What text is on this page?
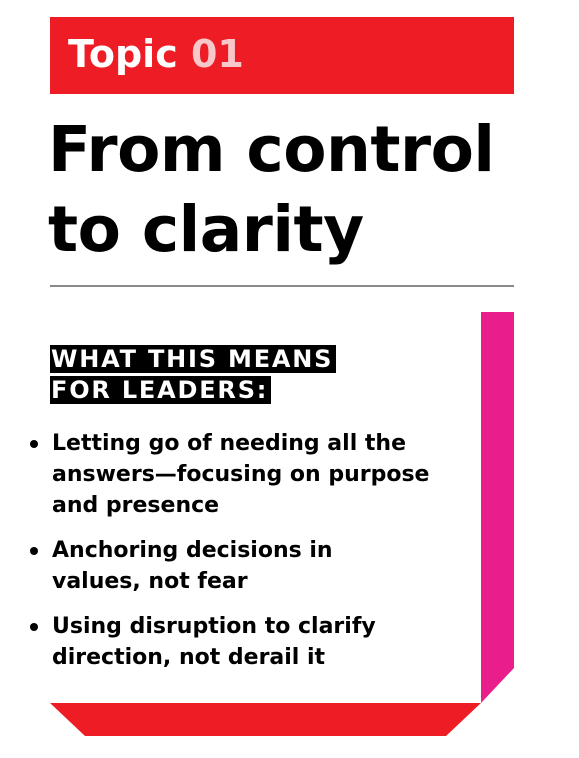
Topic 01
From control
to clarity
WHAT THIS MEANS
FOR LEADERS:
Letting go of needing all the
answers—focusing on purpose
and presence
Anchoring decisions in
values, not fear
Using disruption to clarify
direction, not derail it
